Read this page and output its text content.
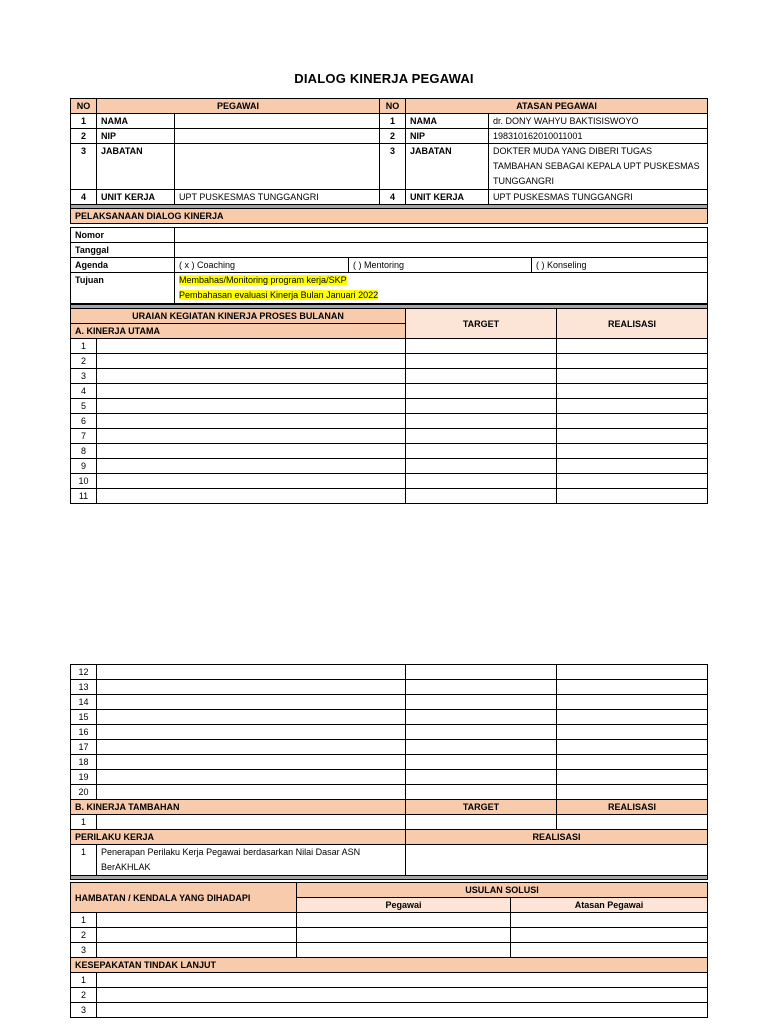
DIALOG KINERJA PEGAWAI
NO	PEGAWAI		NO	ATASAN PEGAWAI	
1	NAMA		1	NAMA	dr. DONY WAHYU BAKTISISWOYO
2	NIP		2	NIP	198310162010011001
3	JABATAN		3	JABATAN	DOKTER MUDA YANG DIBERI TUGAS TAMBAHAN SEBAGAI KEPALA UPT PUSKESMAS TUNGGANGRI
4	UNIT KERJA	UPT PUSKESMAS TUNGGANGRI	4	UNIT KERJA	UPT PUSKESMAS TUNGGANGRI

PELAKSANAAN DIALOG KINERJA					
Nomor			
Tanggal			
Agenda	( x ) Coaching	( ) Mentoring	( ) Konseling
Tujuan	Membahas/Monitoring program kerja/SKP
Pembahasan evaluasi Kinerja Bulan Januari 2022		

URAIAN KEGIATAN KINERJA PROSES BULANAN		TARGET	REALISASI
A. KINERJA UTAMA			
1			
2			
3			
4			
5			
6			
7			
8			
9			
10			
11			
12			
13			
14			
15			
16			
17			
18			
19			
20			
B. KINERJA TAMBAHAN		TARGET	REALISASI
1			
PERILAKU KERJA		REALISASI	
1	Penerapan Perilaku Kerja Pegawai berdasarkan Nilai Dasar ASN BerAKHLAK		

HAMBATAN / KENDALA YANG DIHADAPI		USULAN SOLUSI	
		Pegawai	Atasan Pegawai
1			
2			
3			
KESEPAKATAN TINDAK LANJUT			
1			
2			
3			
